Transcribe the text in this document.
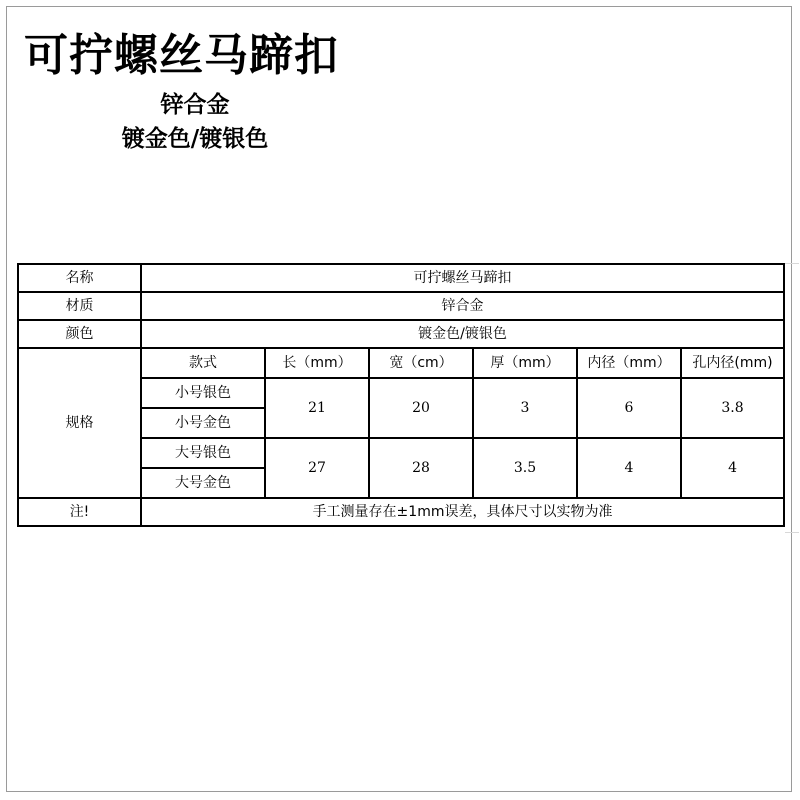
可拧螺丝马蹄扣
锌合金
镀金色/镀银色
名称	可拧螺丝马蹄扣					
材质	锌合金					
颜色	镀金色/镀银色					
规格	款式	长（mm）	宽（cm）	厚（mm）	内径（mm）	孔内径(mm)
	小号银色	21	20	3	6	3.8
	小号金色					
	大号银色	27	28	3.5	4	4
	大号金色					
注!	手工测量存在±1mm误差，具体尺寸以实物为准					
